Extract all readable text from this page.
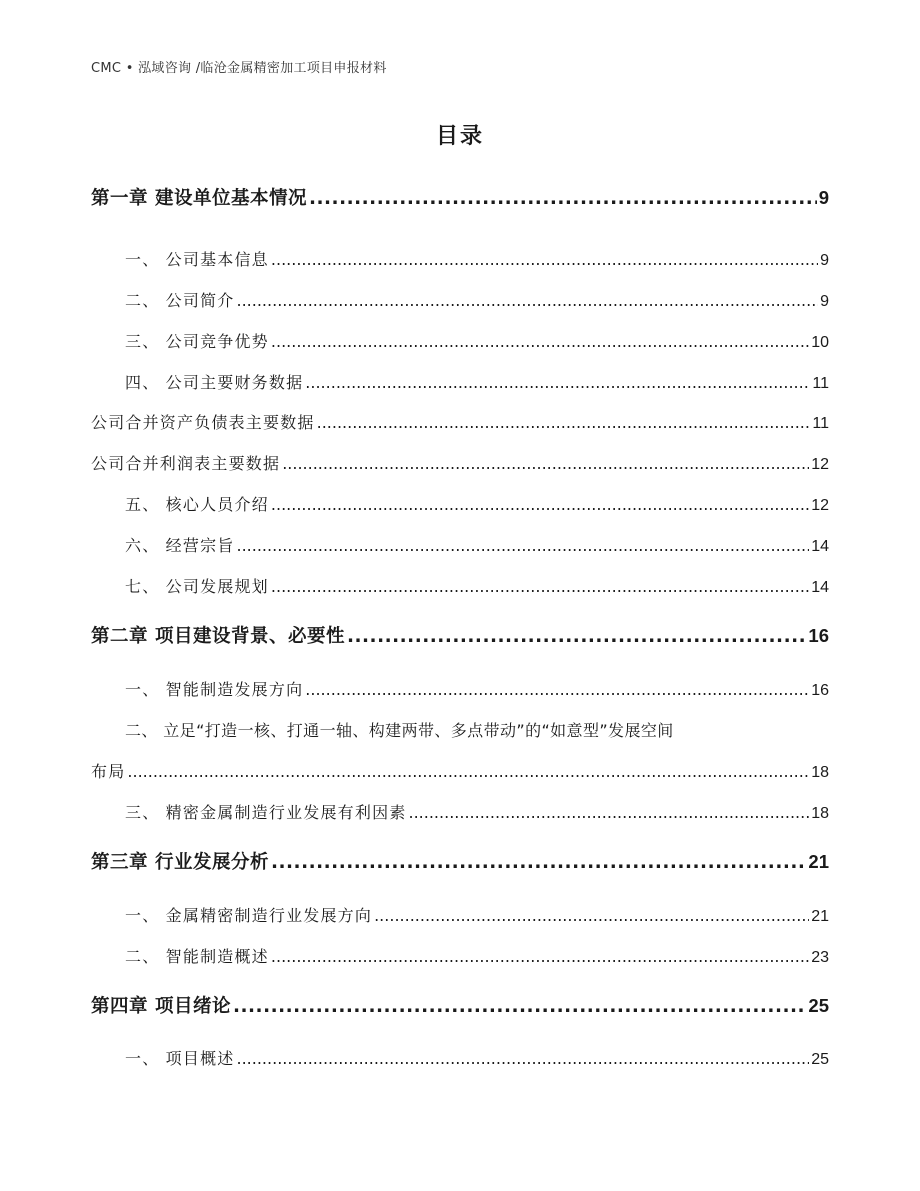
CMC • 泓域咨询 /临沧金属精密加工项目申报材料
目录
第一章 建设单位基本情况 .....	9
一、 公司基本信息 .....	9
二、 公司简介 .....	9
三、 公司竞争优势 .....	10
四、 公司主要财务数据 .....	11
公司合并资产负债表主要数据 .....	11
公司合并利润表主要数据 .....	12
五、 核心人员介绍 .....	12
六、 经营宗旨 .....	14
七、 公司发展规划 .....	14
第二章 项目建设背景、必要性 .....	16
一、 智能制造发展方向 .....	16
二、 立足“打造一核、打通一轴、构建两带、多点带动”的“如意型”发展空间
布局 .....	18
三、 精密金属制造行业发展有利因素 .....	18
第三章 行业发展分析 .....	21
一、 金属精密制造行业发展方向 .....	21
二、 智能制造概述 .....	23
第四章 项目绪论 .....	25
一、 项目概述 .....	25
